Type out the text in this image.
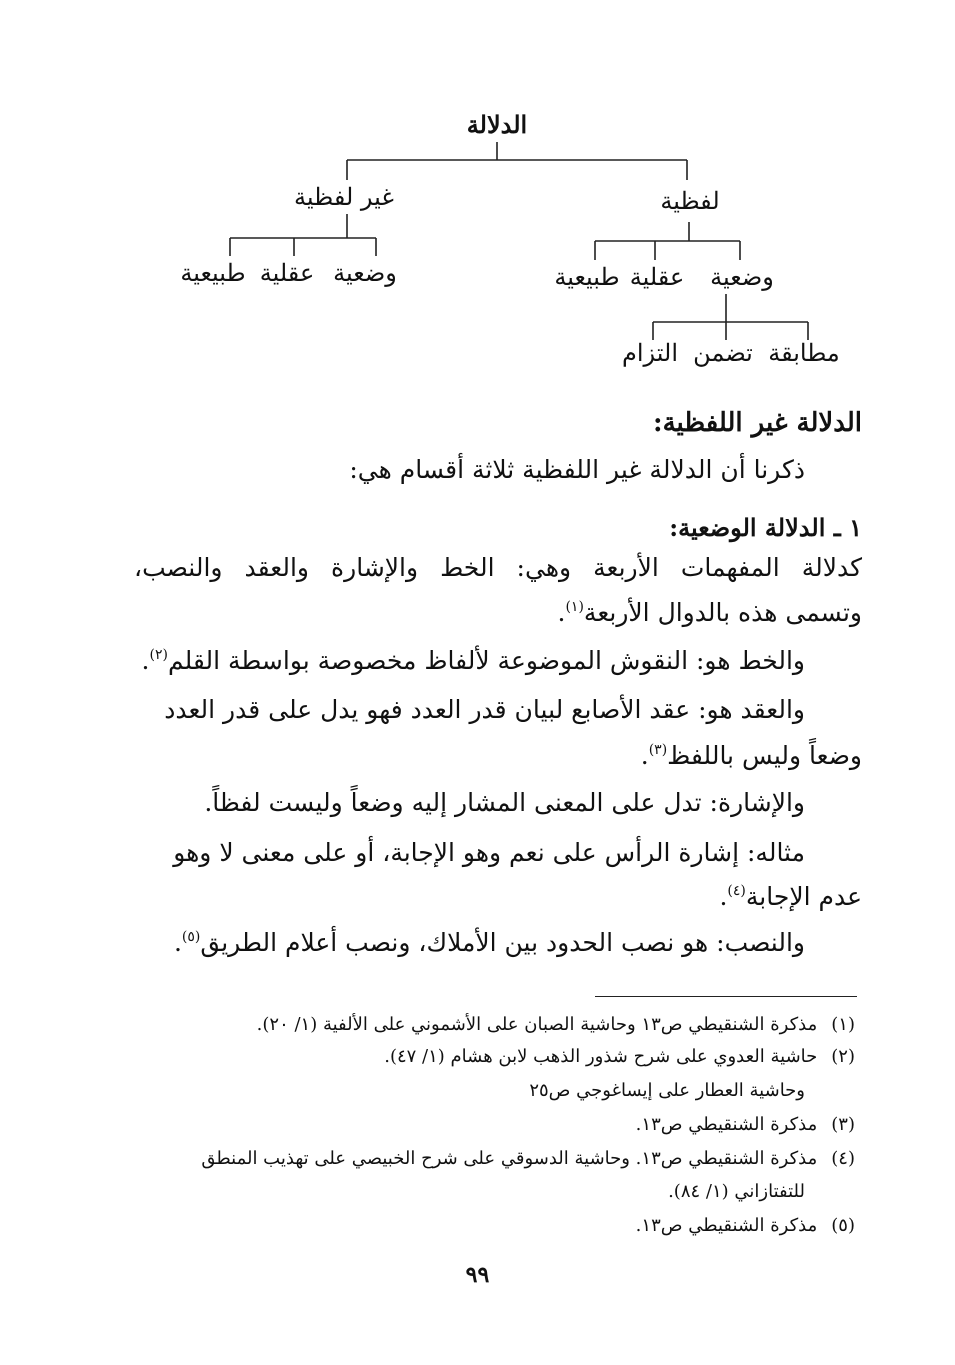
الدلالة
لفظية
غير لفظية
وضعية
عقلية
طبيعية
وضعية
عقلية
طبيعية
مطابقة
تضمن
التزام
الدلالة غير اللفظية:
ذكرنا أن الدلالة غير اللفظية ثلاثة أقسام هي:
١ ـ الدلالة الوضعية:
كدلالة المفهمات الأربعة وهي: الخط والإشارة والعقد والنصب،
وتسمى هذه بالدوال الأربعة$^{(١)}$.
والخط هو: النقوش الموضوعة لألفاظ مخصوصة بواسطة القلم$^{(٢)}$.
والعقد هو: عقد الأصابع لبيان قدر العدد فهو يدل على قدر العدد
وضعاً وليس باللفظ$^{(٣)}$.
والإشارة: تدل على المعنى المشار إليه وضعاً وليست لفظاً.
مثاله: إشارة الرأس على نعم وهو الإجابة، أو على معنى لا وهو
عدم الإجابة$^{(٤)}$.
والنصب: هو نصب الحدود بين الأملاك، ونصب أعلام الطريق$^{(٥)}$.
(١)مذكرة الشنقيطي ص١٣ وحاشية الصبان على الأشموني على الألفية (١/ ٢٠).
(٢)حاشية العدوي على شرح شذور الذهب لابن هشام (١/ ٤٧).
وحاشية العطار على إيساغوجي ص٢٥
(٣)مذكرة الشنقيطي ص١٣.
(٤)مذكرة الشنقيطي ص١٣. وحاشية الدسوقي على شرح الخبيصي على تهذيب المنطق
للتفتازاني (١/ ٨٤).
(٥)مذكرة الشنقيطي ص١٣.
٩٩
